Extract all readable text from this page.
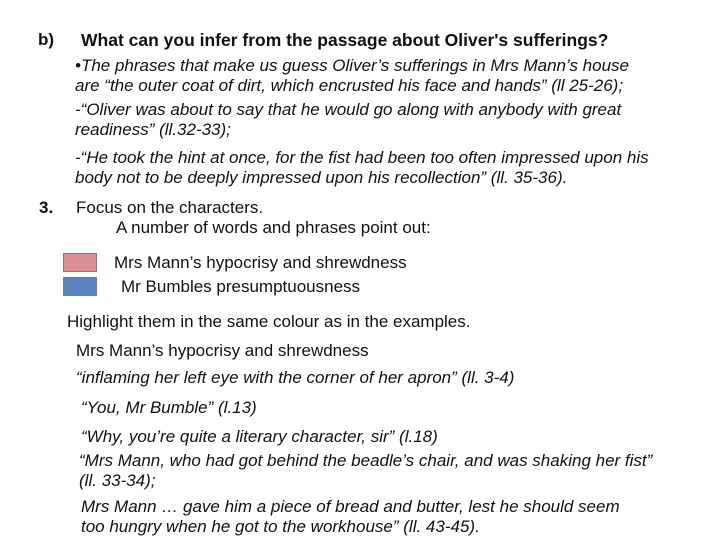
b) What can you infer from the passage about Oliver's sufferings?
•The phrases that make us guess Oliver’s sufferings in Mrs Mann’s house
are “the outer coat of dirt, which encrusted his face and hands” (ll 25-26);
-“Oliver was about to say that he would go along with anybody with great
readiness” (ll.32-33);
-“He took the hint at once, for the fist had been too often impressed upon his
body not to be deeply impressed upon his recollection” (ll. 35-36).
3. Focus on the characters.
A number of words and phrases point out:
Mrs Mann’s hypocrisy and shrewdness
Mr Bumbles presumptuousness
Highlight them in the same colour as in the examples.
Mrs Mann’s hypocrisy and shrewdness
“inflaming her left eye with the corner of her apron” (ll. 3-4)
“You, Mr Bumble” (l.13)
“Why, you’re quite a literary character, sir” (l.18)
“Mrs Mann, who had got behind the beadle’s chair, and was shaking her fist”
(ll. 33-34);
Mrs Mann … gave him a piece of bread and butter, lest he should seem
too hungry when he got to the workhouse” (ll. 43-45).
